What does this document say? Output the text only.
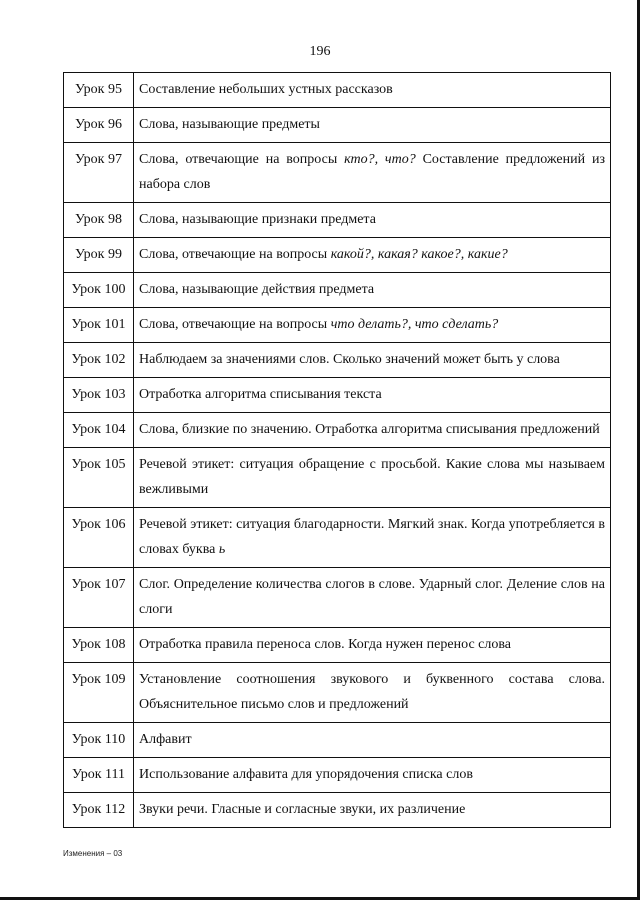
196
Урок 95	Составление небольших устных рассказов
Урок 96	Слова, называющие предметы
Урок 97	Слова, отвечающие на вопросы кто?, что? Составление предложений из набора слов
Урок 98	Слова, называющие признаки предмета
Урок 99	Слова, отвечающие на вопросы какой?, какая? какое?, какие?
Урок 100	Слова, называющие действия предмета
Урок 101	Слова, отвечающие на вопросы что делать?, что сделать?
Урок 102	Наблюдаем за значениями слов. Сколько значений может быть у слова
Урок 103	Отработка алгоритма списывания текста
Урок 104	Слова, близкие по значению. Отработка алгоритма списывания предложений
Урок 105	Речевой этикет: ситуация обращение с просьбой. Какие слова мы называем вежливыми
Урок 106	Речевой этикет: ситуация благодарности. Мягкий знак. Когда употребляется в словах буква ь
Урок 107	Слог. Определение количества слогов в слове. Ударный слог. Деление слов на слоги
Урок 108	Отработка правила переноса слов. Когда нужен перенос слова
Урок 109	Установление соотношения звукового и буквенного состава слова. Объяснительное письмо слов и предложений
Урок 110	Алфавит
Урок 111	Использование алфавита для упорядочения списка слов
Урок 112	Звуки речи. Гласные и согласные звуки, их различение
Изменения – 03
